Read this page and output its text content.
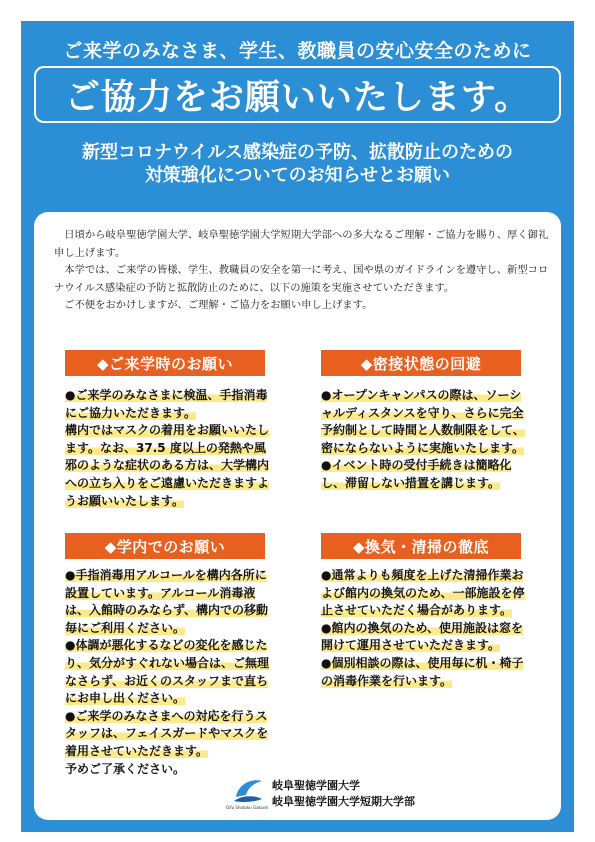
ご来学のみなさま、学生、教職員の安心安全のために
ご協力をお願いいたします。
新型コロナウイルス感染症の予防、拡散防止のための
対策強化についてのお知らせとお願い

日頃から岐阜聖徳学園大学、岐阜聖徳学園大学短期大学部への多大なるご理解・ご協力を賜り、厚く御礼申し上げます。

本学では、ご来学の皆様、学生、教職員の安全を第一に考え、国や県のガイドラインを遵守し、新型コロナウイルス感染症の予防と拡散防止のために、以下の施策を実施させていただきます。

ご不便をおかけしますが、ご理解・ご協力をお願い申し上げます。

◆ご来学時のお願い

●ご来学のみなさまに検温、手指消毒にご協力いただきます。

構内ではマスクの着用をお願いいたします。なお、37.5 度以上の発熱や風邪のような症状のある方は、大学構内への立ち入りをご遠慮いただきますようお願いいたします。

◆密接状態の回避

●オープンキャンパスの際は、ソーシャルディスタンスを守り、さらに完全予約制として時間と人数制限をして、密にならないように実施いたします。

●イベント時の受付手続きは簡略化し、滞留しない措置を講じます。

◆学内でのお願い

●手指消毒用アルコールを構内各所に設置しています。アルコール消毒液は、入館時のみならず、構内での移動毎にご利用ください。

●体調が悪化するなどの変化を感じたり、気分がすぐれない場合は、ご無理なさらず、お近くのスタッフまで直ちにお申し出ください。

●ご来学のみなさまへの対応を行うスタッフは、フェイスガードやマスクを着用させていただきます。

予めご了承ください。

◆換気・清掃の徹底

●通常よりも頻度を上げた清掃作業および館内の換気のため、一部施設を停止させていただく場合があります。

●館内の換気のため、使用施設は窓を開けて運用させていただきます。

●個別相談の際は、使用毎に机・椅子の消毒作業を行います。

Gifu Shotoku Gakuen
岐阜聖徳学園大学
岐阜聖徳学園大学短期大学部
